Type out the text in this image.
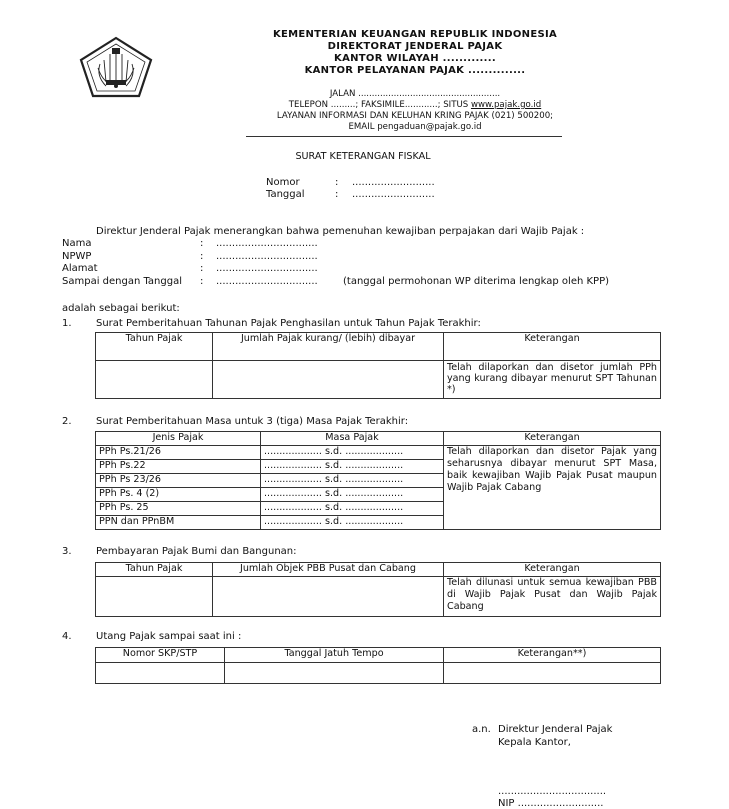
KEMENTERIAN KEUANGAN REPUBLIK INDONESIA
DIREKTORAT JENDERAL PAJAK
KANTOR WILAYAH .............
KANTOR PELAYANAN PAJAK ..............
JALAN ....................................................
TELEPON .........; FAKSIMILE............; SITUS www.pajak.go.id
LAYANAN INFORMASI DAN KELUHAN KRING PAJAK (021) 500200;
EMAIL pengaduan@pajak.go.id
SURAT KETERANGAN FISKAL
Nomor	: ..........................
Tanggal	: ..........................
Direktur Jenderal Pajak menerangkan bahwa pemenuhan kewajiban perpajakan dari Wajib Pajak :
Nama	: ................................
NPWP	: ................................
Alamat	: ................................
Sampai dengan Tanggal : ................................	(tanggal permohonan WP diterima lengkap oleh KPP)
adalah sebagai berikut:
1. Surat Pemberitahuan Tahunan Pajak Penghasilan untuk Tahun Pajak Terakhir:
Tahun Pajak	Jumlah Pajak kurang/ (lebih) dibayar	Keterangan
		Telah dilaporkan dan disetor jumlah PPh yang kurang dibayar menurut SPT Tahunan *)
2. Surat Pemberitahuan Masa untuk 3 (tiga) Masa Pajak Terakhir:
Jenis Pajak	Masa Pajak	Keterangan
PPh Ps.21/26	................... s.d. ...................	Telah dilaporkan dan disetor Pajak yang seharusnya dibayar menurut SPT Masa, baik kewajiban Wajib Pajak Pusat maupun Wajib Pajak Cabang
PPh Ps.22	................... s.d. ...................	
PPh Ps 23/26	................... s.d. ...................	
PPh Ps. 4 (2)	................... s.d. ...................	
PPh Ps. 25	................... s.d. ...................	
PPN dan PPnBM	................... s.d. ...................	
3. Pembayaran Pajak Bumi dan Bangunan:
Tahun Pajak	Jumlah Objek PBB Pusat dan Cabang	Keterangan
		Telah dilunasi untuk semua kewajiban PBB di Wajib Pajak Pusat dan Wajib Pajak Cabang
4. Utang Pajak sampai saat ini :
Nomor SKP/STP	Tanggal Jatuh Tempo	Keterangan**)

a.n. Direktur Jenderal Pajak
Kepala Kantor,
..................................
NIP ...........................
